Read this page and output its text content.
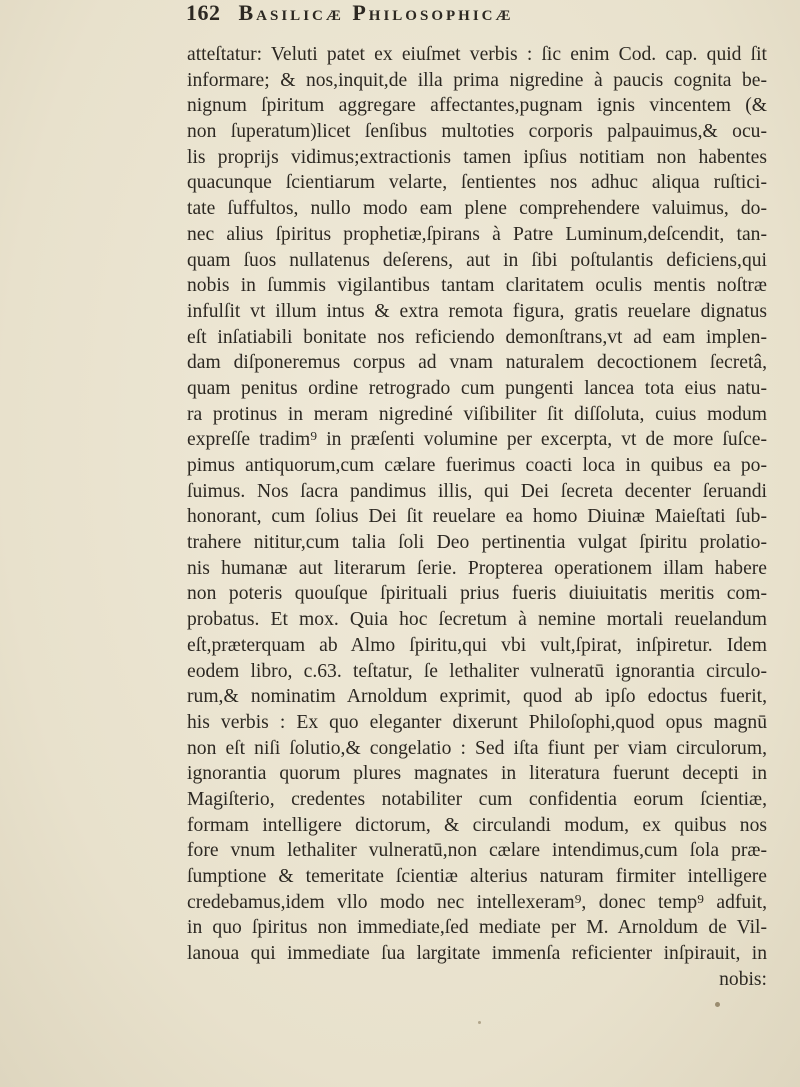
162 Basilicæ Philosophicæ
atteſtatur: Veluti patet ex eiuſmet verbis : ſic enim Cod. cap. quid ſit
informare; & nos,inquit,de illa prima nigredine à paucis cognita be-
nignum ſpiritum aggregare affectantes,pugnam ignis vincentem (&
non ſuperatum)licet ſenſibus multoties corporis palpauimus,& ocu-
lis proprijs vidimus;extractionis tamen ipſius notitiam non habentes
quacunque ſcientiarum velarte, ſentientes nos adhuc aliqua ruſtici-
tate ſuffultos, nullo modo eam plene comprehendere valuimus, do-
nec alius ſpiritus prophetiæ,ſpirans à Patre Luminum,deſcendit, tan-
quam ſuos nullatenus deſerens, aut in ſibi poſtulantis deficiens,qui
nobis in ſummis vigilantibus tantam claritatem oculis mentis noſtræ
infulſit vt illum intus & extra remota figura, gratis reuelare dignatus
eſt inſatiabili bonitate nos reficiendo demonſtrans,vt ad eam implen-
dam diſponeremus corpus ad vnam naturalem decoctionem ſecretâ,
quam penitus ordine retrogrado cum pungenti lancea tota eius natu-
ra protinus in meram nigrediné viſibiliter ſit diſſoluta, cuius modum
expreſſe tradim⁹ in præſenti volumine per excerpta, vt de more ſuſce-
pimus antiquorum,cum cælare fuerimus coacti loca in quibus ea po-
ſuimus. Nos ſacra pandimus illis, qui Dei ſecreta decenter ſeruandi
honorant, cum ſolius Dei ſit reuelare ea homo Diuinæ Maieſtati ſub-
trahere nititur,cum talia ſoli Deo pertinentia vulgat ſpiritu prolatio-
nis humanæ aut literarum ſerie. Propterea operationem illam habere
non poteris quouſque ſpirituali prius fueris diuiuitatis meritis com-
probatus. Et mox. Quia hoc ſecretum à nemine mortali reuelandum
eſt,præterquam ab Almo ſpiritu,qui vbi vult,ſpirat, inſpiretur. Idem
eodem libro, c.63. teſtatur, ſe lethaliter vulneratū ignorantia circulo-
rum,& nominatim Arnoldum exprimit, quod ab ipſo edoctus fuerit,
his verbis : Ex quo eleganter dixerunt Philoſophi,quod opus magnū
non eſt niſi ſolutio,& congelatio : Sed iſta fiunt per viam circulorum,
ignorantia quorum plures magnates in literatura fuerunt decepti in
Magiſterio, credentes notabiliter cum confidentia eorum ſcientiæ,
formam intelligere dictorum, & circulandi modum, ex quibus nos
fore vnum lethaliter vulneratū,non cælare intendimus,cum ſola præ-
ſumptione & temeritate ſcientiæ alterius naturam firmiter intelligere
credebamus,idem vllo modo nec intellexeram⁹, donec temp⁹ adfuit,
in quo ſpiritus non immediate,ſed mediate per M. Arnoldum de Vil-
lanoua qui immediate ſua largitate immenſa reficienter inſpirauit, in
nobis:
